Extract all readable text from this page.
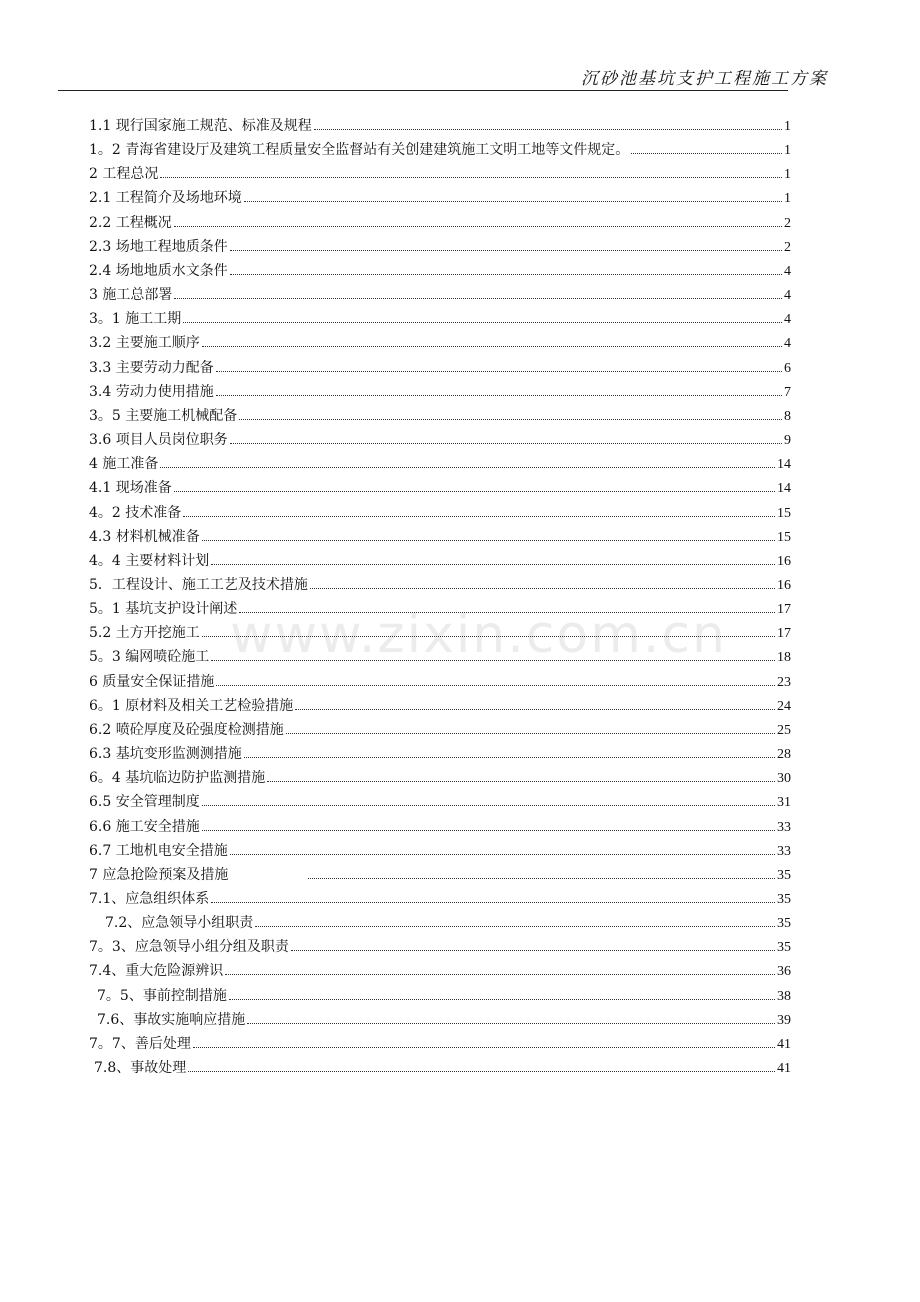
沉砂池基坑支护工程施工方案
www.zixin.com.cn
1.1 现行国家施工规范、标准及规程	1
1。2 青海省建设厅及建筑工程质量安全监督站有关创建建筑施工文明工地等文件规定。	1
2 工程总况	1
2.1 工程简介及场地环境	1
2.2 工程概况	2
2.3 场地工程地质条件	2
2.4 场地地质水文条件	4
3 施工总部署	4
3。1 施工工期	4
3.2 主要施工顺序	4
3.3 主要劳动力配备	6
3.4 劳动力使用措施	7
3。5 主要施工机械配备	8
3.6 项目人员岗位职务	9
4 施工准备	14
4.1 现场准备	14
4。2 技术准备	15
4.3 材料机械准备	15
4。4 主要材料计划	16
5．工程设计、施工工艺及技术措施	16
5。1 基坑支护设计阐述	17
5.2 土方开挖施工	17
5。3 编网喷砼施工	18
6 质量安全保证措施	23
6。1 原材料及相关工艺检验措施	24
6.2 喷砼厚度及砼强度检测措施	25
6.3 基坑变形监测测措施	28
6。4 基坑临边防护监测措施	30
6.5 安全管理制度	31
6.6 施工安全措施	33
6.7 工地机电安全措施	33
7 应急抢险预案及措施	35
7.1、应急组织体系	35
7.2、应急领导小组职责	35
7。3、应急领导小组分组及职责	35
7.4、重大危险源辨识	36
7。5、事前控制措施	38
7.6、事故实施响应措施	39
7。7、善后处理	41
7.8、事故处理	41
